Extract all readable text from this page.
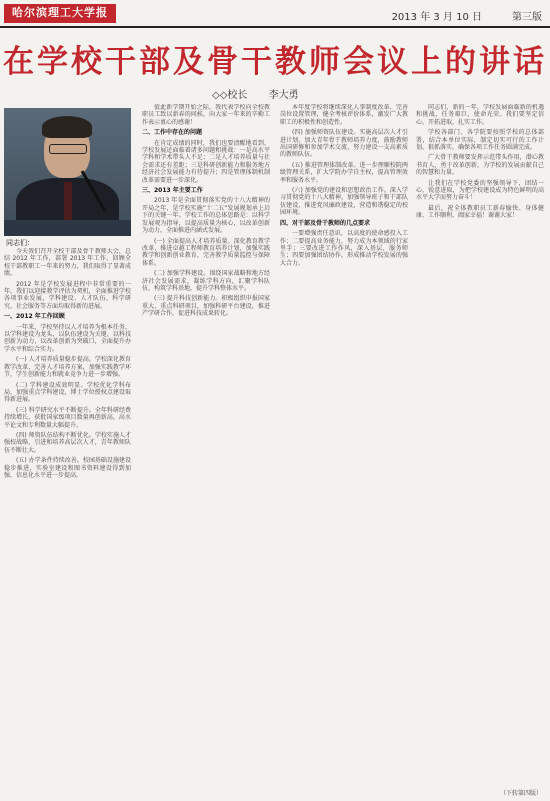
哈尔滨理工大学报	2013 年 3 月 10 日	第三版
在学校干部及骨干教师会议上的讲话
◇◇校长 李大勇
同志们：

今天我们召开全校干部及骨干教师大会，总结 2012 年工作，部署 2013 年工作，回顾全校干部教职工一年来的努力，我们取得了显著成绩。

2012 年是学校发展进程中非常重要的一年，我们以迎接教学评估为契机，全面推进学校各项事业发展，学科建设、人才队伍、科学研究、社会服务等方面均取得新的进展。

一、2012 年工作回顾

一年来，学校坚持以人才培养为根本任务，以学科建设为龙头，以队伍建设为关键，以科技创新为动力，以改革创新为突破口，全面提升办学水平和综合实力。

(一) 人才培养质量稳步提高。学校深化教育教学改革，完善人才培养方案，加强实践教学环节，学生创新能力和就业竞争力进一步增强。

(二) 学科建设成效明显。学校优化学科布局，加强重点学科建设，博士学位授权点建设取得新进展。

(三) 科学研究水平不断提升。全年科研经费持续增长，获批国家级项目数量再创新高，高水平论文和专利数量大幅提升。

(四) 师资队伍结构不断优化。学校实施人才强校战略，引进和培养高层次人才，青年教师队伍不断壮大。

(五) 办学条件持续改善。校园基础设施建设稳步推进，实验室建设和图书资料建设得到加强，信息化水平进一步提高。

值此新学期开始之际，我代表学校向全校教职员工致以新春的问候，向大家一年来的辛勤工作表示衷心的感谢！

二、工作中存在的问题

在肯定成绩的同时，我们也要清醒地看到，学校发展还面临着诸多问题和挑战：一是高水平学科和学术带头人不足；二是人才培养质量与社会需求还有差距；三是科研创新能力和服务地方经济社会发展能力有待提升；四是管理体制机制改革需要进一步深化。

三、2013 年主要工作

2013 年是全面贯彻落实党的十八大精神的开局之年，是学校实施“十二五”发展规划承上启下的关键一年。学校工作的总体思路是：以科学发展观为指导，以提高质量为核心，以改革创新为动力，全面推进内涵式发展。

(一) 全面提高人才培养质量。深化教育教学改革，推进卓越工程师教育培养计划，加强实践教学和创新创业教育，完善教学质量监控与保障体系。

(二) 加强学科建设。围绕国家战略和地方经济社会发展需求，凝练学科方向，汇聚学科队伍，构筑学科基地，提升学科整体水平。

(三) 提升科技创新能力。积极组织申报国家重大、重点科研项目，加强科研平台建设，推进产学研合作，促进科技成果转化。

本年度学校将继续深化人事制度改革，完善岗位设置管理，健全考核评价体系，激发广大教职工的积极性和创造性。

(四) 加强师资队伍建设。实施高层次人才引进计划，加大青年骨干教师培养力度，鼓励教师出国研修和参加学术交流，努力建设一支高素质的教师队伍。

(五) 推进管理体制改革。进一步理顺校院两级管理关系，扩大学院办学自主权，提高管理效率和服务水平。

(六) 加强党的建设和思想政治工作。深入学习贯彻党的十八大精神，加强领导班子和干部队伍建设，推进党风廉政建设，营造和谐稳定的校园环境。

四、对干部及骨干教师的几点要求

一要增强责任意识，以高度的使命感投入工作；二要提高业务能力，努力成为本领域的行家里手；三要改进工作作风，深入基层，服务师生；四要加强团结协作，形成推动学校发展的强大合力。

同志们，新的一年，学校发展面临新的机遇和挑战，任务艰巨，使命光荣。我们要坚定信心，开拓进取，扎实工作。

学校各部门、各学院要按照学校的总体部署，结合本单位实际，制定切实可行的工作计划，狠抓落实，确保各项工作任务圆满完成。

广大骨干教师要发挥示范带头作用，潜心教书育人，勇于改革创新，为学校的发展贡献自己的智慧和力量。

让我们在学校党委的坚强领导下，团结一心，锐意进取，为把学校建设成为特色鲜明的高水平大学而努力奋斗！

最后，祝全体教职员工新春愉快、身体健康、工作顺利、阖家幸福！谢谢大家！

（下转第四版）
